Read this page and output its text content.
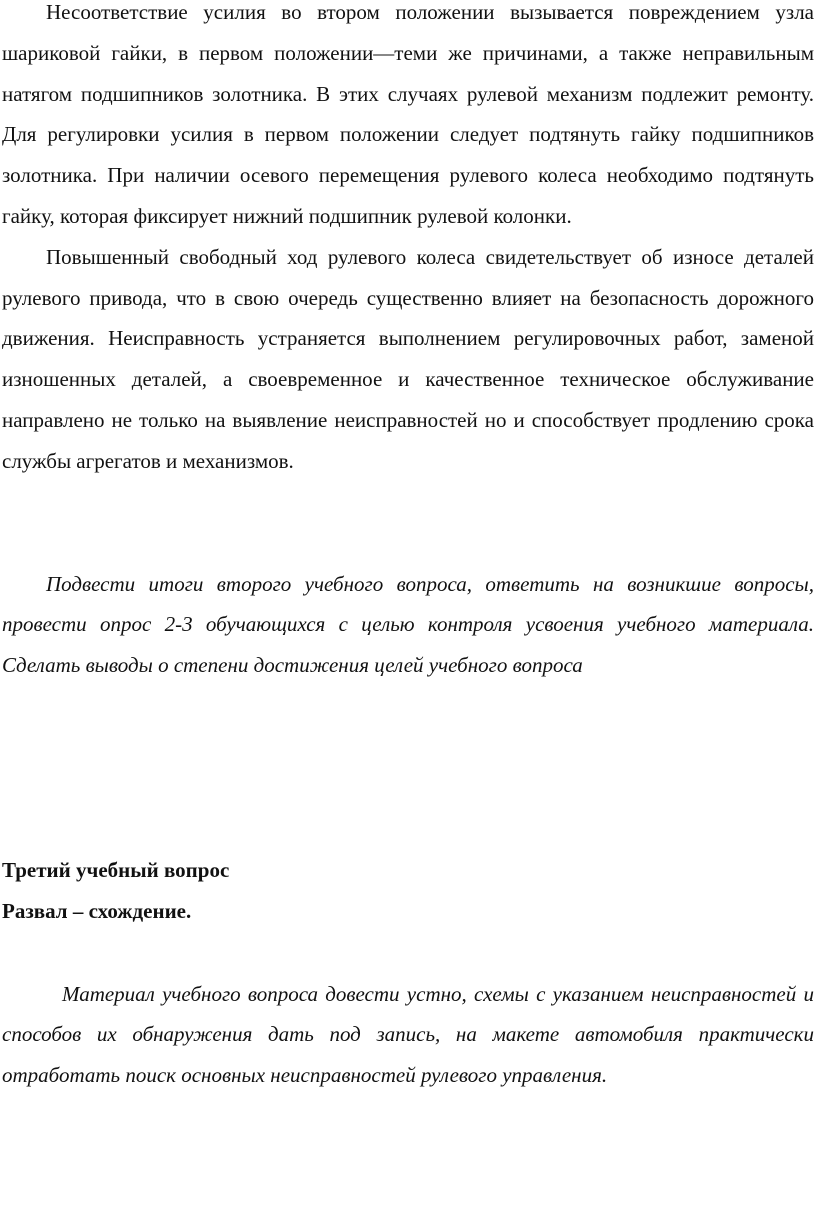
Несоответствие усилия во втором положении вызывается повреждением узла шариковой гайки, в первом положении—теми же причинами, а также неправильным натягом подшипников золотника. В этих случаях рулевой механизм подлежит ремонту. Для регулировки усилия в первом положении следует подтянуть гайку подшипников золотника. При наличии осевого перемещения рулевого колеса необходимо подтянуть гайку, которая фиксирует нижний подшипник рулевой колонки.

Повышенный свободный ход рулевого колеса свидетельствует об износе деталей рулевого привода, что в свою очередь существенно влияет на безопасность дорожного движения. Неисправность устраняется выполнением регулировочных работ, заменой изношенных деталей, а своевременное и качественное техническое обслуживание направлено не только на выявление неисправностей но и способствует продлению срока службы агрегатов и механизмов.

Подвести итоги второго учебного вопроса, ответить на возникшие вопросы, провести опрос 2-3 обучающихся с целью контроля усвоения учебного материала. Сделать выводы о степени достижения целей учебного вопроса

Третий учебный вопрос

Развал – схождение.

Материал учебного вопроса довести устно, схемы с указанием неисправностей и способов их обнаружения дать под запись, на макете автомобиля практически отработать поиск основных неисправностей рулевого управления.
